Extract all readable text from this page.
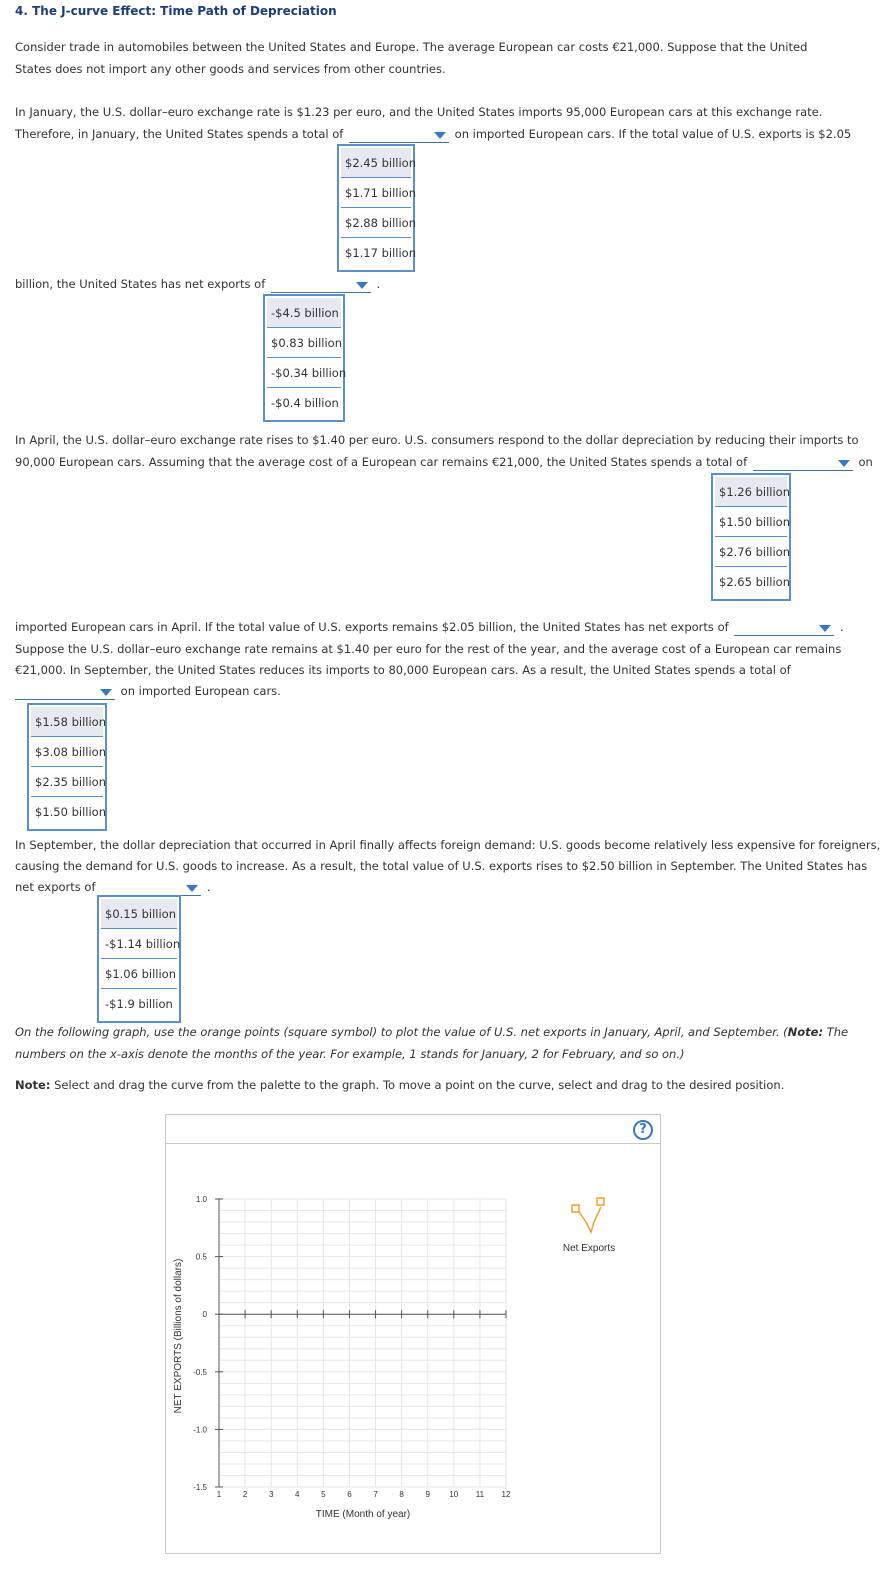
4. The J-curve Effect: Time Path of Depreciation
Consider trade in automobiles between the United States and Europe. The average European car costs €21,000. Suppose that the United States does not import any other goods and services from other countries.
In January, the U.S. dollar–euro exchange rate is $1.23 per euro, and the United States imports 95,000 European cars at this exchange rate.
Therefore, in January, the United States spends a total of	on imported European cars. If the total value of U.S. exports is $2.05
$2.45 billion
$1.71 billion
$2.88 billion
$1.17 billion
billion, the United States has net exports of	.
-$4.5 billion
$0.83 billion
-$0.34 billion
-$0.4 billion
In April, the U.S. dollar–euro exchange rate rises to $1.40 per euro. U.S. consumers respond to the dollar depreciation by reducing their imports to
90,000 European cars. Assuming that the average cost of a European car remains €21,000, the United States spends a total of	on
$1.26 billion
$1.50 billion
$2.76 billion
$2.65 billion
imported European cars in April. If the total value of U.S. exports remains $2.05 billion, the United States has net exports of	.
Suppose the U.S. dollar–euro exchange rate remains at $1.40 per euro for the rest of the year, and the average cost of a European car remains
€21,000. In September, the United States reduces its imports to 80,000 European cars. As a result, the United States spends a total of
on imported European cars.
$1.58 billion
$3.08 billion
$2.35 billion
$1.50 billion
In September, the dollar depreciation that occurred in April finally affects foreign demand: U.S. goods become relatively less expensive for foreigners,
causing the demand for U.S. goods to increase. As a result, the total value of U.S. exports rises to $2.50 billion in September. The United States has
net exports of	.
$0.15 billion
-$1.14 billion
$1.06 billion
-$1.9 billion
On the following graph, use the orange points (square symbol) to plot the value of U.S. net exports in January, April, and September. (Note: The
numbers on the x-axis denote the months of the year. For example, 1 stands for January, 2 for February, and so on.)
Note: Select and drag the curve from the palette to the graph. To move a point on the curve, select and drag to the desired position.
?
1.0
0.5
0
-0.5
-1.0
-1.5
1	2	3	4	5	6	7	8	9 10 11 12
NET EXPORTS (Billions of dollars)
TIME (Month of year)
Net Exports
